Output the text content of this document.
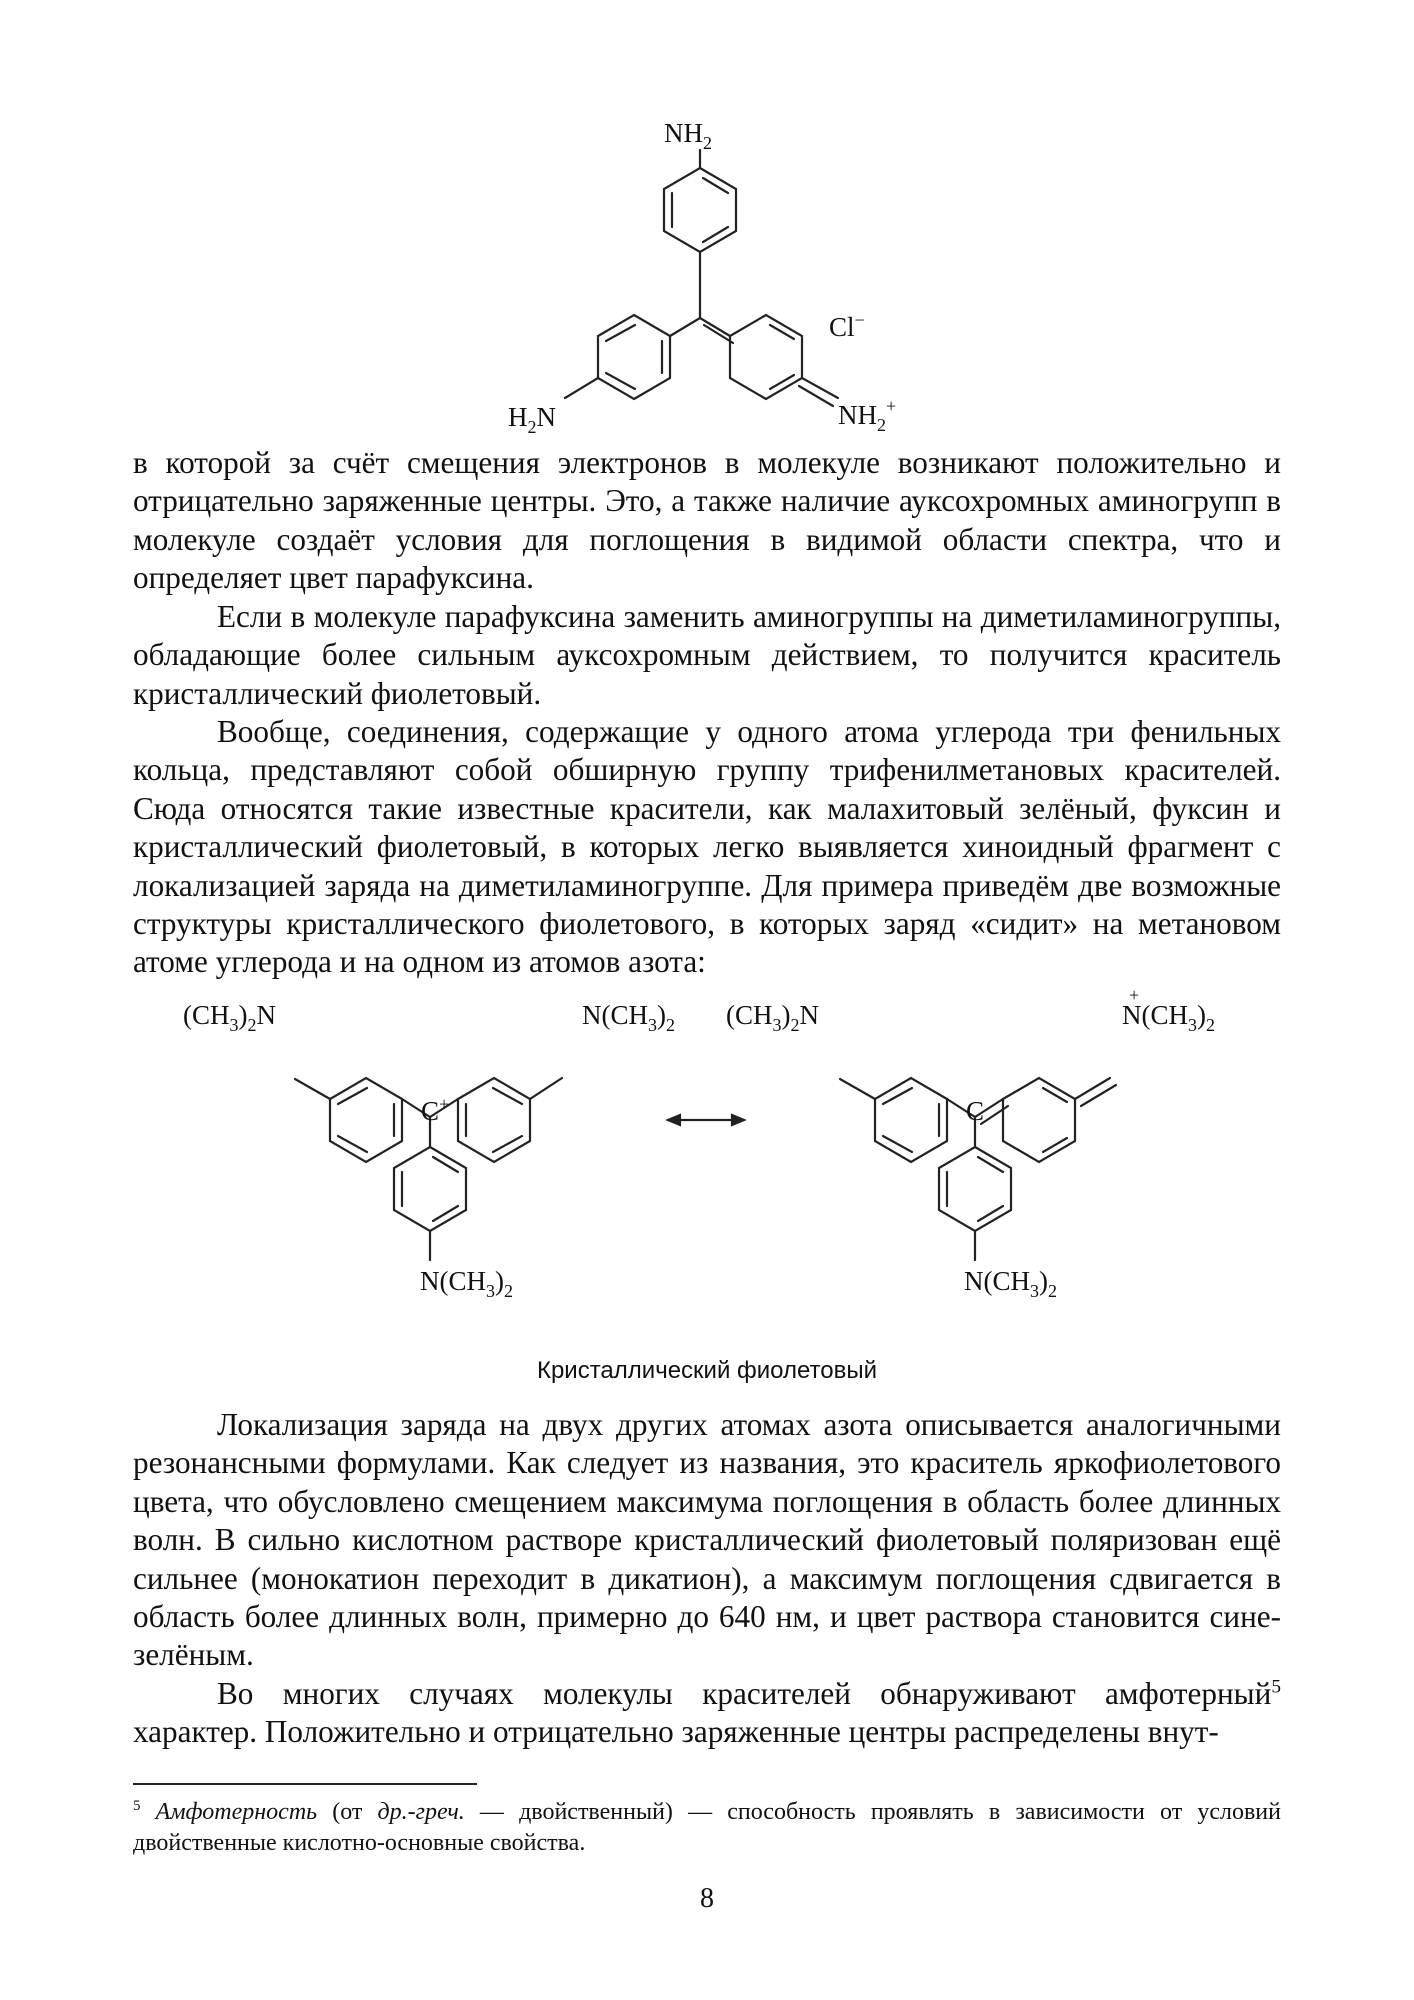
$NH_2$
Cl−
$H_2N$	$NH_2^+$

в которой за счёт смещения электронов в молекуле возникают положительно и отрицательно заряженные центры. Это, а также наличие ауксохромных аминогрупп в молекуле создаёт условия для поглощения в видимой области спектра, что и определяет цвет парафуксина.

Если в молекуле парафуксина заменить аминогруппы на диметиламиногруппы, обладающие более сильным ауксохромным действием, то получится краситель кристаллический фиолетовый.

Вообще, соединения, содержащие у одного атома углерода три фенильных кольца, представляют собой обширную группу трифенилметановых красителей. Сюда относятся такие известные красители, как малахитовый зелёный, фуксин и кристаллический фиолетовый, в которых легко выявляется хиноидный фрагмент с локализацией заряда на диметиламиногруппе. Для примера приведём две возможные структуры кристаллического фиолетового, в которых заряд «сидит» на метановом атоме углерода и на одном из атомов азота:

$(CH_3)_2N$	$N(CH_3)_2$
C+
$N(CH_3)_2$
$(CH_3)_2N$
+
$N(CH_3)_2$
C
$N(CH_3)_2$
Кристаллический фиолетовый

Локализация заряда на двух других атомах азота описывается аналогичными резонансными формулами. Как следует из названия, это краситель яркофиолетового цвета, что обусловлено смещением максимума поглощения в область более длинных волн. В сильно кислотном растворе кристаллический фиолетовый поляризован ещё сильнее (монокатион переходит в дикатион), а максимум поглощения сдвигается в область более длинных волн, примерно до 640 нм, и цвет раствора становится сине-зелёным.

Во многих случаях молекулы красителей обнаруживают амфотерный$^5$ характер. Положительно и отрицательно заряженные центры распределены внут-

$^5$ Амфотерность (от др.-греч. — двойственный) — способность проявлять в зависимости от условий двойственные кислотно-основные свойства.

8
